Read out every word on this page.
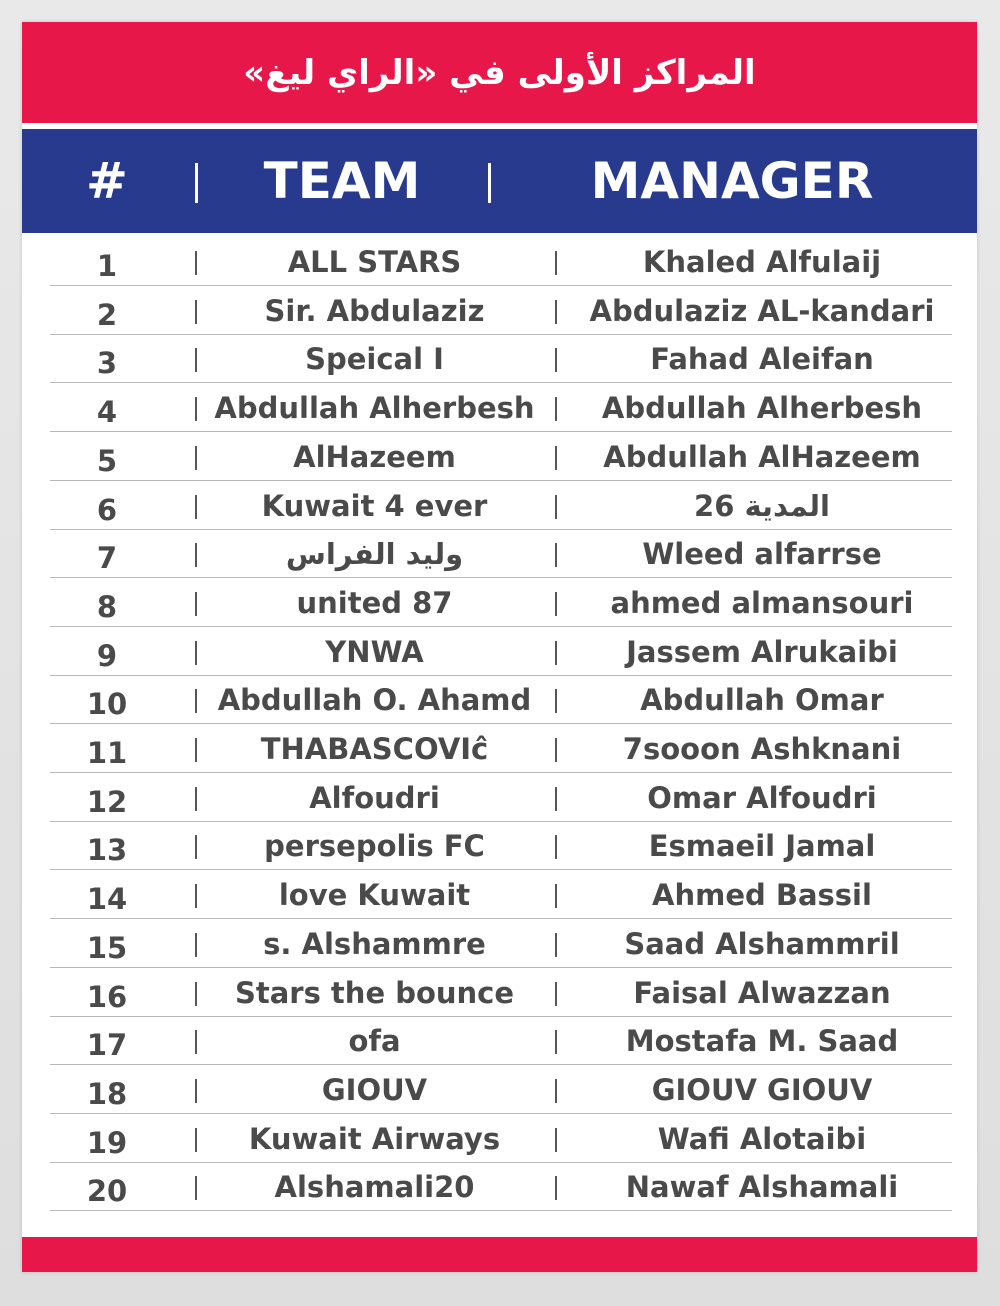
المراكز الأولى في «الراي ليغ»
#	TEAM	MANAGER
1	ALL STARS	Khaled Alfulaij
2	Sir. Abdulaziz	Abdulaziz AL-kandari
3	Speical I	Fahad Aleifan
4	Abdullah Alherbesh	Abdullah Alherbesh
5	AlHazeem	Abdullah AlHazeem
6	Kuwait 4 ever	المدية 26
7	وليد الفراس	Wleed alfarrse
8	united 87	ahmed almansouri
9	YNWA	Jassem Alrukaibi
10	Abdullah O. Ahamd	Abdullah Omar
11	THABASCOVIĉ	7sooon Ashknani
12	Alfoudri	Omar Alfoudri
13	persepolis FC	Esmaeil Jamal
14	love Kuwait	Ahmed Bassil
15	s. Alshammre	Saad Alshammril
16	Stars the bounce	Faisal Alwazzan
17	ofa	Mostafa M. Saad
18	GIOUV	GIOUV GIOUV
19	Kuwait Airways	Wafi Alotaibi
20	Alshamali20	Nawaf Alshamali
